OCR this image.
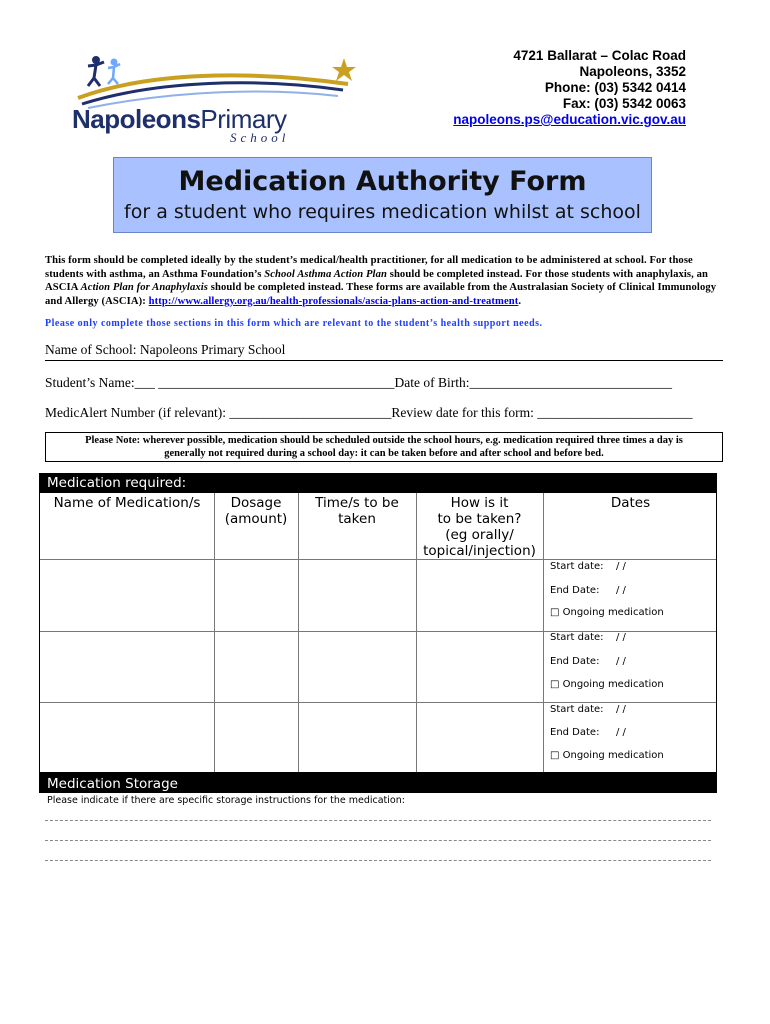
NapoleonsPrimary
School
4721 Ballarat – Colac Road
Napoleons, 3352
Phone: (03) 5342 0414
Fax: (03) 5342 0063
napoleons.ps@education.vic.gov.au
Medication Authority Form
for a student who requires medication whilst at school
This form should be completed ideally by the student’s medical/health practitioner, for all medication to be administered at school. For those students with asthma, an Asthma Foundation’s School Asthma Action Plan should be completed instead. For those students with anaphylaxis, an ASCIA Action Plan for Anaphylaxis should be completed instead. These forms are available from the Australasian Society of Clinical Immunology and Allergy (ASCIA): http://www.allergy.org.au/health-professionals/ascia-plans-action-and-treatment.
Please only complete those sections in this form which are relevant to the student’s health support needs.
Name of School: Napoleons Primary School
Student’s Name:___ ___________________________________Date of Birth:______________________________
MedicAlert Number (if relevant): ________________________Review date for this form: _______________________
Please Note: wherever possible, medication should be scheduled outside the school hours, e.g. medication required three times a day is
generally not required during a school day: it can be taken before and after school and before bed.
Medication required:
Name of Medication/s	Dosage
(amount)
Time/s to be
taken
How is it
to be taken?
(eg orally/
topical/injection)
Dates
Start date: / /
End Date: / /
□ Ongoing medication
Start date: / /
End Date: / /
□ Ongoing medication
Start date: / /
End Date: / /
□ Ongoing medication
Medication Storage
Please indicate if there are specific storage instructions for the medication:
